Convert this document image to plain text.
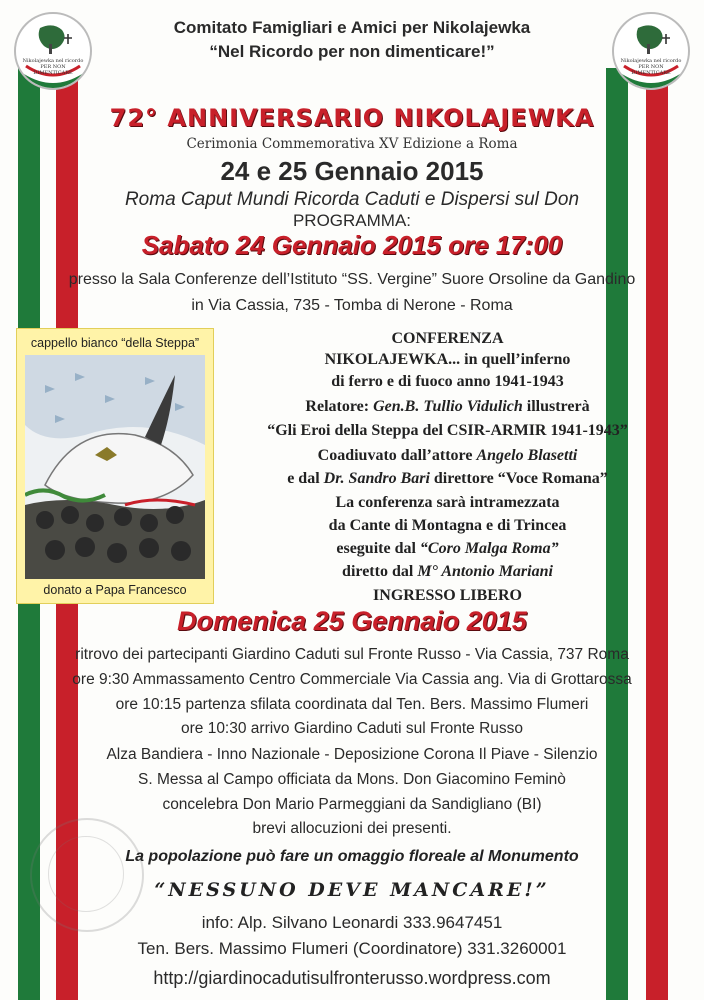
Nikolajewka nel ricordo PER NON DIMENTICARE
Nikolajewka nel ricordo PER NON DIMENTICARE
Comitato Famigliari e Amici per Nikolajewka
“Nel Ricordo per non dimenticare!”
72° ANNIVERSARIO NIKOLAJEWKA
Cerimonia Commemorativa XV Edizione a Roma
24 e 25 Gennaio 2015
Roma Caput Mundi Ricorda Caduti e Dispersi sul Don
PROGRAMMA:
Sabato 24 Gennaio 2015 ore 17:00
presso la Sala Conferenze dell’Istituto “SS. Vergine” Suore Orsoline da Gandino
in Via Cassia, 735 - Tomba di Nerone - Roma
cappello bianco “della Steppa”
donato a Papa Francesco
CONFERENZA
NIKOLAJEWKA... in quell’inferno
di ferro e di fuoco anno 1941-1943
Relatore: Gen.B. Tullio Vidulich illustrerà
“Gli Eroi della Steppa del CSIR-ARMIR 1941-1943”
Coadiuvato dall’attore Angelo Blasetti
e dal Dr. Sandro Bari direttore “Voce Romana”
La conferenza sarà intramezzata
da Cante di Montagna e di Trincea
eseguite dal “Coro Malga Roma”
diretto dal M° Antonio Mariani
INGRESSO LIBERO
Domenica 25 Gennaio 2015
ritrovo dei partecipanti Giardino Caduti sul Fronte Russo - Via Cassia, 737 Roma
ore 9:30 Ammassamento Centro Commerciale Via Cassia ang. Via di Grottarossa
ore 10:15 partenza sfilata coordinata dal Ten. Bers. Massimo Flumeri
ore 10:30 arrivo Giardino Caduti sul Fronte Russo
Alza Bandiera - Inno Nazionale - Deposizione Corona Il Piave - Silenzio
S. Messa al Campo officiata da Mons. Don Giacomino Feminò
concelebra Don Mario Parmeggiani da Sandigliano (BI)
brevi allocuzioni dei presenti.
La popolazione può fare un omaggio floreale al Monumento
“NESSUNO DEVE MANCARE!”
info: Alp. Silvano Leonardi 333.9647451
Ten. Bers. Massimo Flumeri (Coordinatore) 331.3260001
http://giardinocadutisulfronterusso.wordpress.com
